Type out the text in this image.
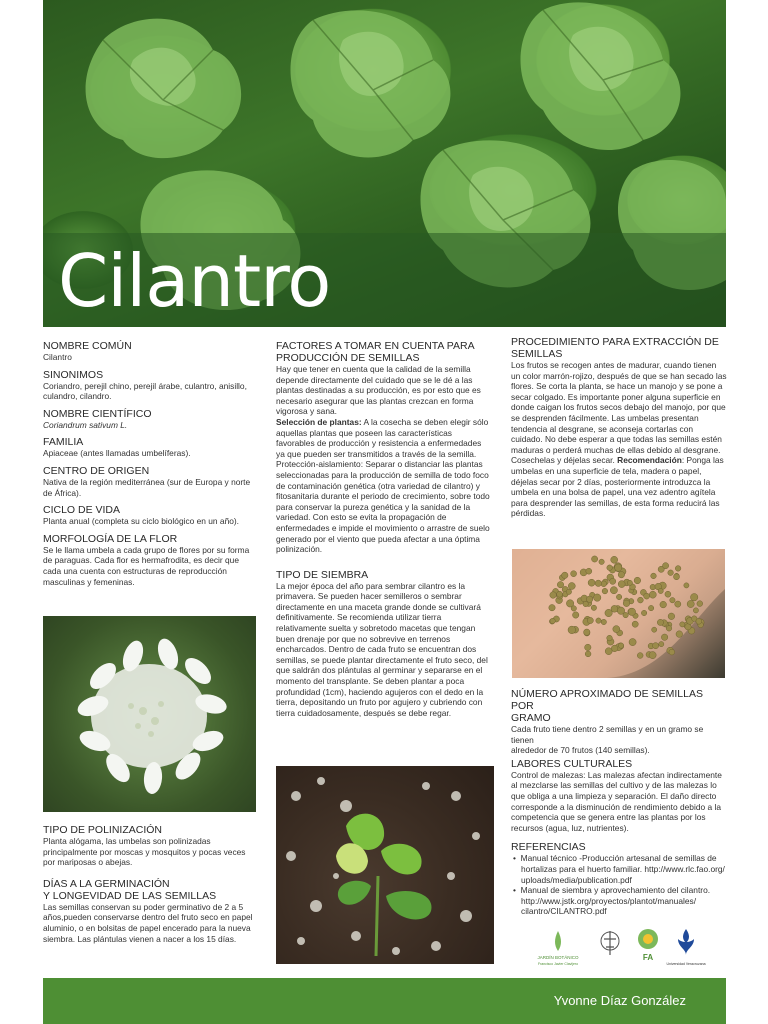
Cilantro
NOMBRE COMÚN
Cilantro
SINONIMOS
Coriandro, perejil chino, perejil árabe, culantro, anisillo, culandro, cilandro.
NOMBRE CIENTÍFICO
Coriandrum sativum L.
FAMILIA
Apiaceae (antes llamadas umbelíferas).
CENTRO DE ORIGEN
Nativa de la región mediterránea (sur de Europa y norte de África).
CICLO DE VIDA
Planta anual (completa su ciclo biológico en un año).
MORFOLOGÍA DE LA FLOR
Se le llama umbela a cada grupo de flores por su forma de paraguas. Cada flor es hermafrodita, es decir que cada una cuenta con estructuras de reproducción masculinas y femeninas.
TIPO DE POLINIZACIÓN
Planta alógama, las umbelas son polinizadas principalmente por moscas y mosquitos y pocas veces por mariposas o abejas.
DÍAS A LA GERMINACIÓN
Y LONGEVIDAD DE LAS SEMILLAS
Las semillas conservan su poder germinativo de 2 a 5 años,pueden conservarse dentro del fruto seco en papel aluminio, o en bolsitas de papel encerado para la nueva siembra. Las plántulas vienen a nacer a los 15 días.
FACTORES A TOMAR EN CUENTA PARA
PRODUCCIÓN DE SEMILLAS
Hay que tener en cuenta que la calidad de la semilla depende directamente del cuidado que se le dé a las plantas destinadas a su producción, es por esto que es necesario asegurar que las plantas crezcan en forma vigorosa y sana.
Selección de plantas: A la cosecha se deben elegir sólo aquellas plantas que poseen las características favorables de producción y resistencia a enfermedades ya que pueden ser transmitidos a través de la semilla.
Protección-aislamiento: Separar o distanciar las plantas seleccionadas para la producción de semilla de todo foco de contaminación genética (otra variedad de cilantro) y fitosanitaria durante el periodo de crecimiento, sobre todo para conservar la pureza genética y la sanidad de la variedad. Con esto se evita la propagación de enfermedades e impide el movimiento o arrastre de suelo generado por el viento que pueda afectar a una óptima polinización.
TIPO DE SIEMBRA
La mejor época del año para sembrar cilantro es la primavera. Se pueden hacer semilleros o sembrar directamente en una maceta grande donde se cultivará definitivamente. Se recomienda utilizar tierra relativamente suelta y sobretodo macetas que tengan buen drenaje por que no sobrevive en terrenos encharcados. Dentro de cada fruto se encuentran dos semillas, se puede plantar directamente el fruto seco, del que saldrán dos plántulas al germinar y separarse en el momento del transplante. Se deben plantar a poca profundidad (1cm), haciendo agujeros con el dedo en la tierra, depositando un fruto por agujero y cubriendo con tierra cuidadosamente, después se debe regar.
PROCEDIMIENTO PARA EXTRACCIÓN DE
SEMILLAS
Los frutos se recogen antes de madurar, cuando tienen un color marrón-rojizo, después de que se han secado las flores. Se corta la planta, se hace un manojo y se pone a secar colgado. Es importante poner alguna superficie en donde caigan los frutos secos debajo del manojo, por que se desprenden fácilmente. Las umbelas presentan tendencia al desgrane, se aconseja cortarlas con cuidado. No debe esperar a que todas las semillas estén maduras o perderá muchas de ellas debido al desgrane. Cosechelas y déjelas secar. Recomendación: Ponga las umbelas en una superficie de tela, madera o papel, déjelas secar por 2 días, posteriormente introduzca la umbela en una bolsa de papel, una vez adentro agítela para desprender las semillas, de esta forma reducirá las pérdidas.
NÚMERO APROXIMADO DE SEMILLAS POR
GRAMO
Cada fruto tiene dentro 2 semillas y en un gramo se tienen
alrededor de 70 frutos (140 semillas).
LABORES CULTURALES
Control de malezas: Las malezas afectan indirectamente al mezclarse las semillas del cultivo y de las malezas lo que obliga a una limpieza y separación. El daño directo corresponde a la disminución de rendimiento debido a la competencia que se genera entre las plantas por los recursos (agua, luz, nutrientes).
REFERENCIAS
•  Manual técnico -Producción artesanal de semillas de hortalizas para el huerto familiar. http://www.rlc.fao.org/ uploads/media/publication.pdf
•  Manual de siembra y aprovechamiento del cilantro. http://www.jstk.org/proyectos/plantot/manuales/ cilantro/CILANTRO.pdf
JARDÍN BOTÁNICO
Francisco Javier Clavijero
FA
Universidad Veracruzana
Yvonne Díaz González
